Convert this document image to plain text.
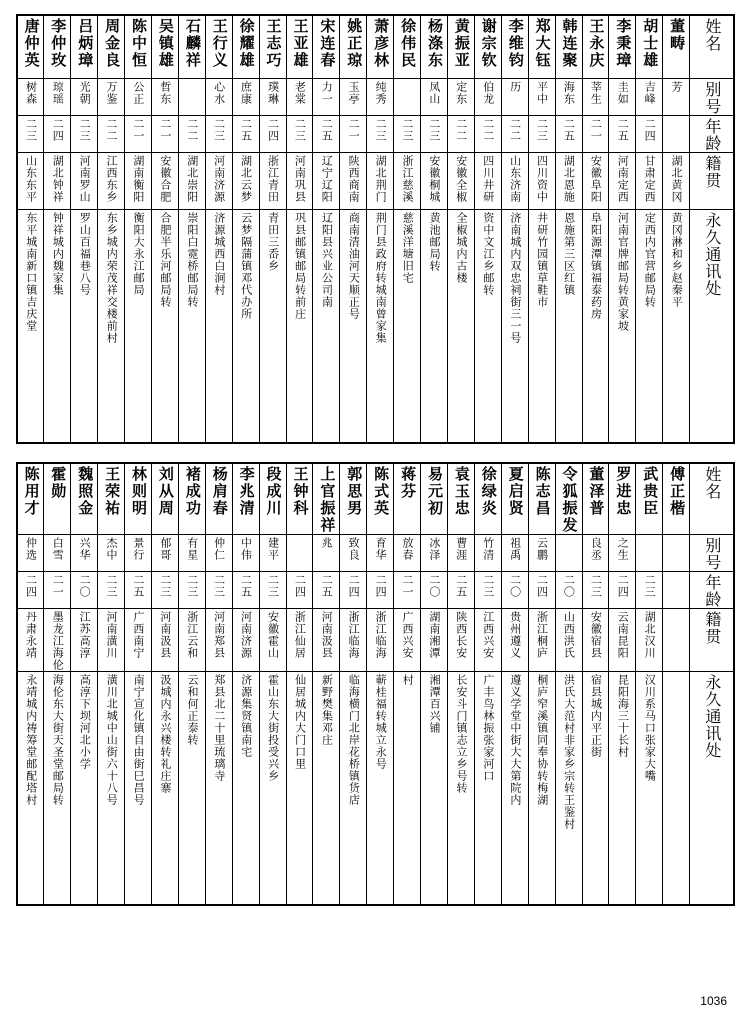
唐仲英	李仲玫	吕炳璋	周金良	陈中恒	吴镇雄	石麟祥	王行义	徐耀雄	王志巧	王亚雄	宋连春	姚正琼	萧彦林	徐伟民	杨涤东	黄振亚	谢宗钦	李维钧	郑大钰	韩连聚	王永庆	李秉璋	胡士雄	董畴	姓名

树森	琼瑶	光朝	万鉴	公正	哲东		心水	庶康	璞琳	老棠	力一	玉亭	纯秀		凤山	定东	伯龙	历	平中	海东	莘生	圭如	吉峰	芳	别号

二三	二四	二三	二二	二一	二一	二二	二三	二五	二四	二三	二五	二一	二三	二三	二三	二二	二二	二二	二三	二五	二一	二五	二四		年龄

山东东平	湖北钟祥	河南罗山	江西东乡	湖南衡阳	安徽合肥	湖北崇阳	河南济源	湖北云梦	浙江青田	河南巩县	辽宁辽阳	陕西商南	湖北荆门	浙江慈溪	安徽桐城	安徽全椒	四川井研	山东济南	四川资中	湖北恩施	安徽阜阳	河南定西	甘肃定西	湖北黄冈	籍贯

东平城南新口镇吉庆堂	钟祥城内魏家集	罗山百福巷八号	东乡城内荣茂祥交楼前村	衡阳大永江邮局	合肥半乐河邮局转	崇阳白霓桥邮局转	济源城西白涧村	云梦隔蒲镇邓代办所	青田三岙乡	巩县邮镇邮局转前庄	辽阳县兴业公司南	商南清油河天顺正号	荆门县政府转城南曾家集	慈溪洋塘旧宅	黄池邮局转	全椒城内古楼	资中文江乡邮转	济南城内双忠祠街三一号	井研竹园镇草鞋市	恩施第三区红镇	阜阳源潭镇福泰药房	河南官牌邮局转黄家坡	定西内官营邮局转	黄冈淋和乡赵秦平	永久通讯处
陈用才	霍勋	魏照金	王荣祐	林则明	刘从周	褚成功	杨肩春	李兆清	段成川	王钟科	上官振祥	郭思男	陈式英	蒋芬	易元初	袁玉忠	徐绿炎	夏启贤	陈志昌	令狐振发	董泽普	罗进忠	武贵臣	傅正楷	姓名

仲选	白雪	兴华	杰中	景行	郁哥	有星	仲仁	中伟	建平		兆	致良	育华	放春	冰泽	曹涯	竹清	祖禹	云鹏		良丞	之生			别号

二四	二一	二〇	二三	二五	二三	二三	二三	二五	二三	二四	二五	二四	二四	二一	二〇	二五	二三	二〇	二四	二〇	二三	二四	二三		年龄

丹肃永靖	墨龙江海伦	江苏高淳	河南潢川	广西南宁	河南汲县	浙江云和	河南郑县	河南济源	安徽霍山	浙江仙居	河南汲县	浙江临海	浙江临海	广西兴安	湖南湘潭	陕西长安	江西兴安	贵州遵义	浙江桐庐	山西洪氏	安徽宿县	云南昆阳	湖北汉川		籍贯

永靖城内祷筹堂邮配塔村	海伦东大街天圣堂邮局转	高淳下坝河北小学	潢川北城中山街六十八号	南宁宣化镇自由街巳昌号	汲城内永兴楼转礼庄寨	云和何正泰转	郑县北二十里琉璃寺	济源集贤镇南宅	霍山东大街投受兴乡	仙居城内大门口里	新野樊集邓庄	临海横门北岸花桥镇货店	蕲桂福转城立永号	村	湘潭百兴铺	长安斗门镇志立乡号转	广丰鸟林振张家河口	遵义学堂中街大大第院内	桐庐窄溪镇同奉协转梅湖	洪氏大范村非家乡宗转王鉴村	宿县城内平正街	昆阳海三十长村	汉川系马口张家大嘴		永久通讯处
1036
